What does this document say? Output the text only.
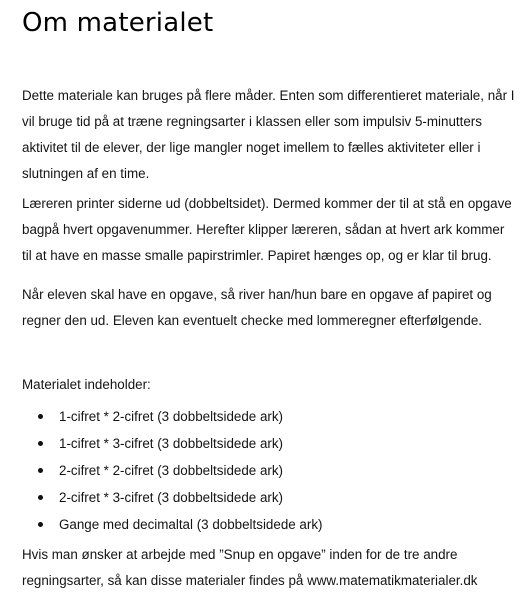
Om materialet
Dette materiale kan bruges på flere måder. Enten som differentieret materiale, når I
vil bruge tid på at træne regningsarter i klassen eller som impulsiv 5-minutters
aktivitet til de elever, der lige mangler noget imellem to fælles aktiviteter eller i
slutningen af en time.
Læreren printer siderne ud (dobbeltsidet). Dermed kommer der til at stå en opgave
bagpå hvert opgavenummer. Herefter klipper læreren, sådan at hvert ark kommer
til at have en masse smalle papirstrimler. Papiret hænges op, og er klar til brug.
Når eleven skal have en opgave, så river han/hun bare en opgave af papiret og
regner den ud. Eleven kan eventuelt checke med lommeregner efterfølgende.
Materialet indeholder:
1-cifret * 2-cifret (3 dobbeltsidede ark)
1-cifret * 3-cifret (3 dobbeltsidede ark)
2-cifret * 2-cifret (3 dobbeltsidede ark)
2-cifret * 3-cifret (3 dobbeltsidede ark)
Gange med decimaltal (3 dobbeltsidede ark)
Hvis man ønsker at arbejde med ”Snup en opgave” inden for de tre andre
regningsarter, så kan disse materialer findes på www.matematikmaterialer.dk
